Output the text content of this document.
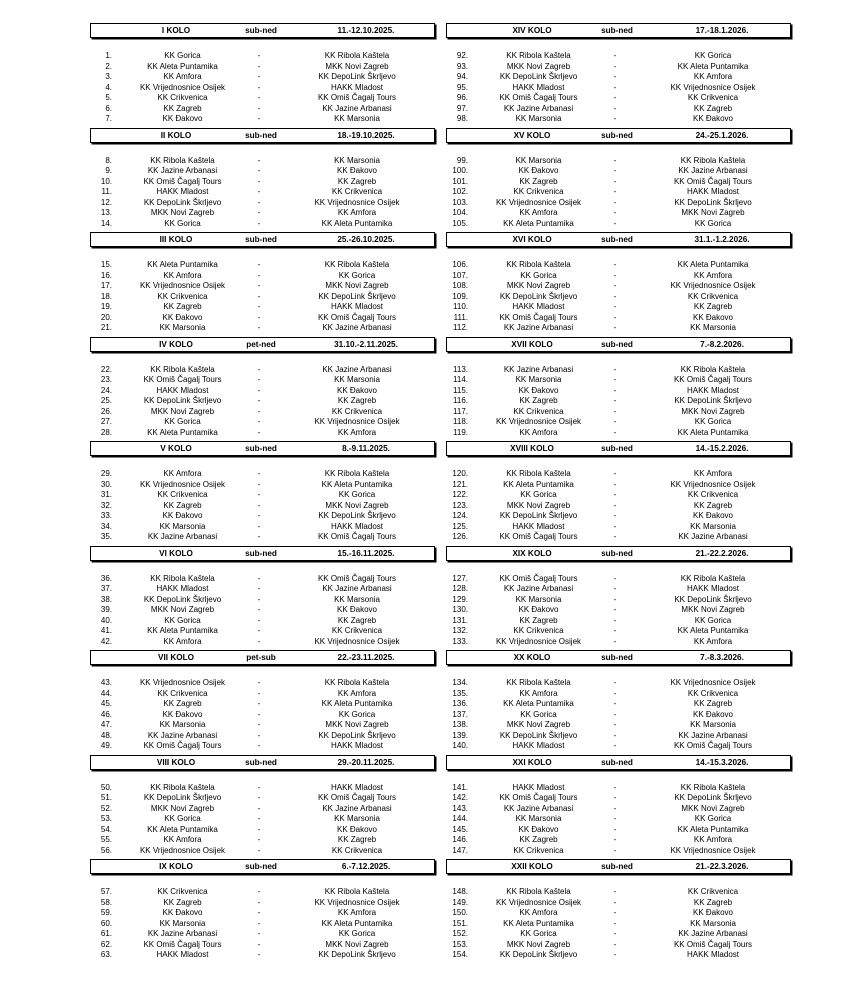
I KOLO	sub-ned	11.-12.10.2025.
1.	KK Gorica	-	KK Ribola Kaštela
2.	KK Aleta Puntamika	-	MKK Novi Zagreb
3.	KK Amfora	-	KK DepoLink Škrljevo
4.	KK Vrijednosnice Osijek	-	HAKK Mladost
5.	KK Crikvenica	-	KK Omiš Čagalj Tours
6.	KK Zagreb	-	KK Jazine Arbanasi
7.	KK Đakovo	-	KK Marsonia
II KOLO	sub-ned	18.-19.10.2025.
8.	KK Ribola Kaštela	-	KK Marsonia
9.	KK Jazine Arbanasi	-	KK Đakovo
10.	KK Omiš Čagalj Tours	-	KK Zagreb
11.	HAKK Mladost	-	KK Crikvenica
12.	KK DepoLink Škrljevo	-	KK Vrijednosnice Osijek
13.	MKK Novi Zagreb	-	KK Amfora
14.	KK Gorica	-	KK Aleta Puntamika
III KOLO	sub-ned	25.-26.10.2025.
15.	KK Aleta Puntamika	-	KK Ribola Kaštela
16.	KK Amfora	-	KK Gorica
17.	KK Vrijednosnice Osijek	-	MKK Novi Zagreb
18.	KK Crikvenica	-	KK DepoLink Škrljevo
19.	KK Zagreb	-	HAKK Mladost
20.	KK Đakovo	-	KK Omiš Čagalj Tours
21.	KK Marsonia	-	KK Jazine Arbanasi
IV KOLO	pet-ned	31.10.-2.11.2025.
22.	KK Ribola Kaštela	-	KK Jazine Arbanasi
23.	KK Omiš Čagalj Tours	-	KK Marsonia
24.	HAKK Mladost	-	KK Đakovo
25.	KK DepoLink Škrljevo	-	KK Zagreb
26.	MKK Novi Zagreb	-	KK Crikvenica
27.	KK Gorica	-	KK Vrijednosnice Osijek
28.	KK Aleta Puntamika	-	KK Amfora
V KOLO	sub-ned	8.-9.11.2025.
29.	KK Amfora	-	KK Ribola Kaštela
30.	KK Vrijednosnice Osijek	-	KK Aleta Puntamika
31.	KK Crikvenica	-	KK Gorica
32.	KK Zagreb	-	MKK Novi Zagreb
33.	KK Đakovo	-	KK DepoLink Škrljevo
34.	KK Marsonia	-	HAKK Mladost
35.	KK Jazine Arbanasi	-	KK Omiš Čagalj Tours
VI KOLO	sub-ned	15.-16.11.2025.
36.	KK Ribola Kaštela	-	KK Omiš Čagalj Tours
37.	HAKK Mladost	-	KK Jazine Arbanasi
38.	KK DepoLink Škrljevo	-	KK Marsonia
39.	MKK Novi Zagreb	-	KK Đakovo
40.	KK Gorica	-	KK Zagreb
41.	KK Aleta Puntamika	-	KK Crikvenica
42.	KK Amfora	-	KK Vrijednosnice Osijek
VII KOLO	pet-sub	22.-23.11.2025.
43.	KK Vrijednosnice Osijek	-	KK Ribola Kaštela
44.	KK Crikvenica	-	KK Amfora
45.	KK Zagreb	-	KK Aleta Puntamika
46.	KK Đakovo	-	KK Gorica
47.	KK Marsonia	-	MKK Novi Zagreb
48.	KK Jazine Arbanasi	-	KK DepoLink Škrljevo
49.	KK Omiš Čagalj Tours	-	HAKK Mladost
VIII KOLO	sub-ned	29.-20.11.2025.
50.	KK Ribola Kaštela	-	HAKK Mladost
51.	KK DepoLink Škrljevo	-	KK Omiš Čagalj Tours
52.	MKK Novi Zagreb	-	KK Jazine Arbanasi
53.	KK Gorica	-	KK Marsonia
54.	KK Aleta Puntamika	-	KK Đakovo
55.	KK Amfora	-	KK Zagreb
56.	KK Vrijednosnice Osijek	-	KK Crikvenica
IX KOLO	sub-ned	6.-7.12.2025.
57.	KK Crikvenica	-	KK Ribola Kaštela
58.	KK Zagreb	-	KK Vrijednosnice Osijek
59.	KK Đakovo	-	KK Amfora
60.	KK Marsonia	-	KK Aleta Puntamika
61.	KK Jazine Arbanasi	-	KK Gorica
62.	KK Omiš Čagalj Tours	-	MKK Novi Zagreb
63.	HAKK Mladost	-	KK DepoLink Škrljevo
XIV KOLO	sub-ned	17.-18.1.2026.
92.	KK Ribola Kaštela	-	KK Gorica
93.	MKK Novi Zagreb	-	KK Aleta Puntamika
94.	KK DepoLink Škrljevo	-	KK Amfora
95.	HAKK Mladost	-	KK Vrijednosnice Osijek
96.	KK Omiš Čagalj Tours	-	KK Crikvenica
97.	KK Jazine Arbanasi	-	KK Zagreb
98.	KK Marsonia	-	KK Đakovo
XV KOLO	sub-ned	24.-25.1.2026.
99.	KK Marsonia	-	KK Ribola Kaštela
100.	KK Đakovo	-	KK Jazine Arbanasi
101.	KK Zagreb	-	KK Omiš Čagalj Tours
102.	KK Crikvenica	-	HAKK Mladost
103.	KK Vrijednosnice Osijek	-	KK DepoLink Škrljevo
104.	KK Amfora	-	MKK Novi Zagreb
105.	KK Aleta Puntamika	-	KK Gorica
XVI KOLO	sub-ned	31.1.-1.2.2026.
106.	KK Ribola Kaštela	-	KK Aleta Puntamika
107.	KK Gorica	-	KK Amfora
108.	MKK Novi Zagreb	-	KK Vrijednosnice Osijek
109.	KK DepoLink Škrljevo	-	KK Crikvenica
110.	HAKK Mladost	-	KK Zagreb
111.	KK Omiš Čagalj Tours	-	KK Đakovo
112.	KK Jazine Arbanasi	-	KK Marsonia
XVII KOLO	sub-ned	7.-8.2.2026.
113.	KK Jazine Arbanasi	-	KK Ribola Kaštela
114.	KK Marsonia	-	KK Omiš Čagalj Tours
115.	KK Đakovo	-	HAKK Mladost
116.	KK Zagreb	-	KK DepoLink Škrljevo
117.	KK Crikvenica	-	MKK Novi Zagreb
118.	KK Vrijednosnice Osijek	-	KK Gorica
119.	KK Amfora	-	KK Aleta Puntamika
XVIII KOLO	sub-ned	14.-15.2.2026.
120.	KK Ribola Kaštela	-	KK Amfora
121.	KK Aleta Puntamika	-	KK Vrijednosnice Osijek
122.	KK Gorica	-	KK Crikvenica
123.	MKK Novi Zagreb	-	KK Zagreb
124.	KK DepoLink Škrljevo	-	KK Đakovo
125.	HAKK Mladost	-	KK Marsonia
126.	KK Omiš Čagalj Tours	-	KK Jazine Arbanasi
XIX KOLO	sub-ned	21.-22.2.2026.
127.	KK Omiš Čagalj Tours	-	KK Ribola Kaštela
128.	KK Jazine Arbanasi	-	HAKK Mladost
129.	KK Marsonia	-	KK DepoLink Škrljevo
130.	KK Đakovo	-	MKK Novi Zagreb
131.	KK Zagreb	-	KK Gorica
132.	KK Crikvenica	-	KK Aleta Puntamika
133.	KK Vrijednosnice Osijek	-	KK Amfora
XX KOLO	sub-ned	7.-8.3.2026.
134.	KK Ribola Kaštela	-	KK Vrijednosnice Osijek
135.	KK Amfora	-	KK Crikvenica
136.	KK Aleta Puntamika	-	KK Zagreb
137.	KK Gorica	-	KK Đakovo
138.	MKK Novi Zagreb	-	KK Marsonia
139.	KK DepoLink Škrljevo	-	KK Jazine Arbanasi
140.	HAKK Mladost	-	KK Omiš Čagalj Tours
XXI KOLO	sub-ned	14.-15.3.2026.
141.	HAKK Mladost	-	KK Ribola Kaštela
142.	KK Omiš Čagalj Tours	-	KK DepoLink Škrljevo
143.	KK Jazine Arbanasi	-	MKK Novi Zagreb
144.	KK Marsonia	-	KK Gorica
145.	KK Đakovo	-	KK Aleta Puntamika
146.	KK Zagreb	-	KK Amfora
147.	KK Crikvenica	-	KK Vrijednosnice Osijek
XXII KOLO	sub-ned	21.-22.3.2026.
148.	KK Ribola Kaštela	-	KK Crikvenica
149.	KK Vrijednosnice Osijek	-	KK Zagreb
150.	KK Amfora	-	KK Đakovo
151.	KK Aleta Puntamika	-	KK Marsonia
152.	KK Gorica	-	KK Jazine Arbanasi
153.	MKK Novi Zagreb	-	KK Omiš Čagalj Tours
154.	KK DepoLink Škrljevo	-	HAKK Mladost
